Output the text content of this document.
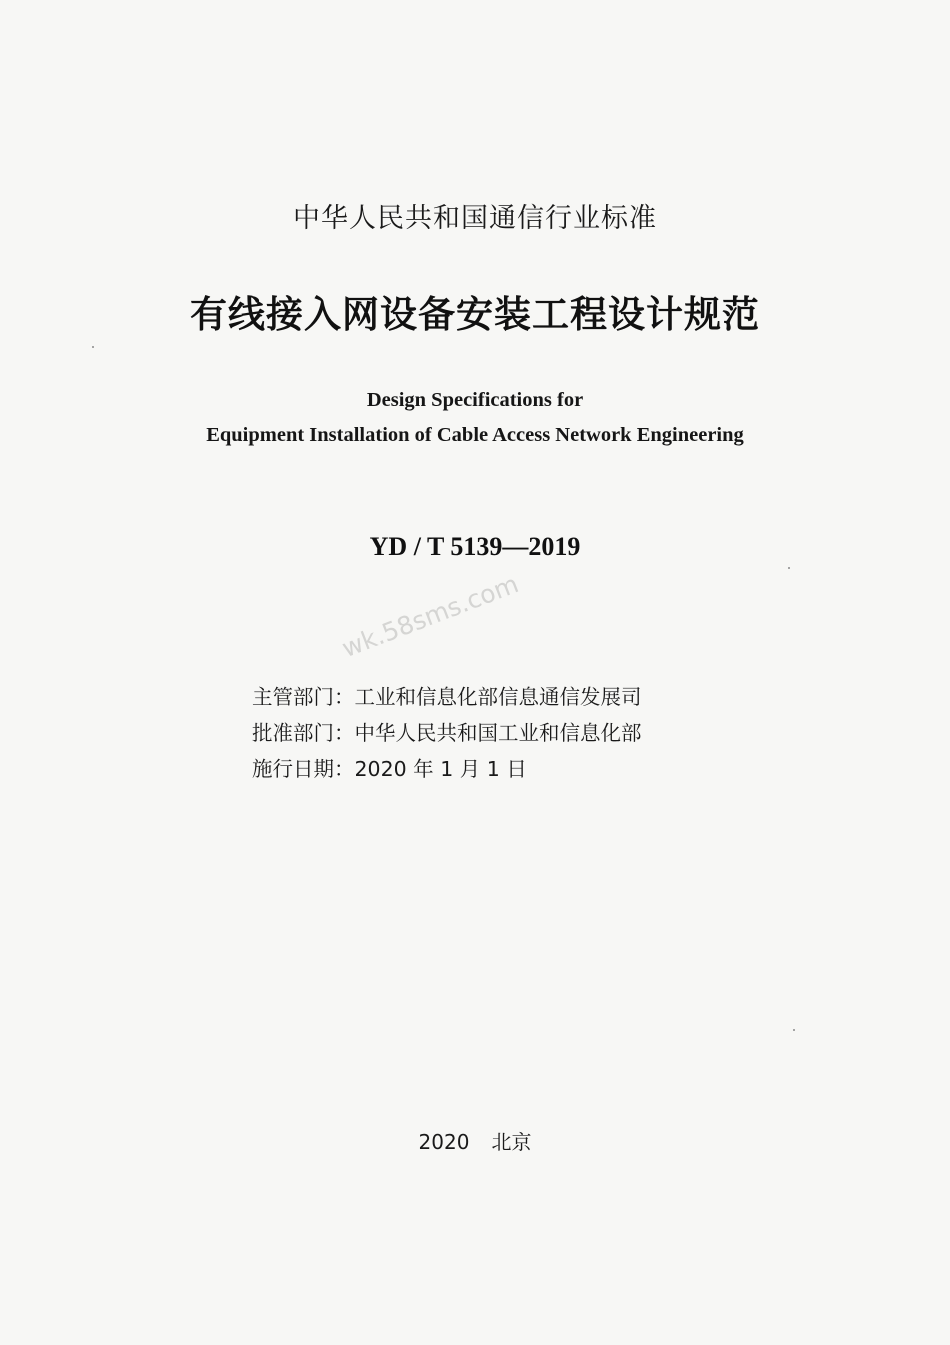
中华人民共和国通信行业标准
有线接入网设备安装工程设计规范
Design Specifications for
Equipment Installation of Cable Access Network Engineering
YD / T 5139—2019
wk.58sms.com
主管部门：工业和信息化部信息通信发展司
批准部门：中华人民共和国工业和信息化部
施行日期：2020 年 1 月 1 日
2020 北京
